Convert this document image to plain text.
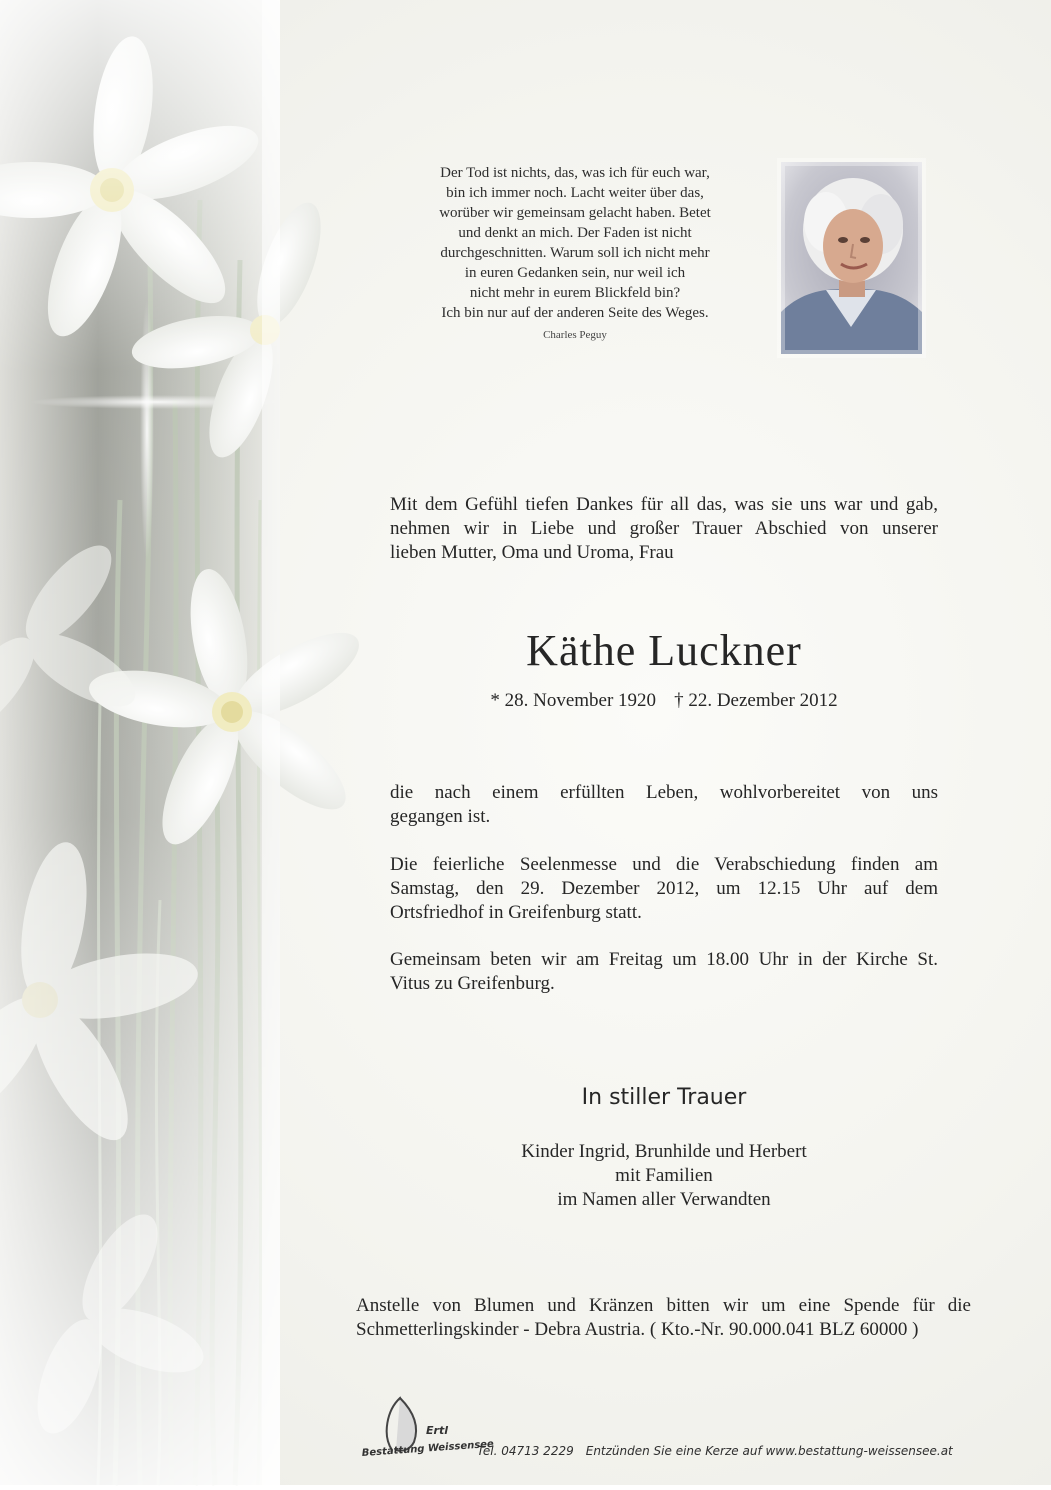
Der Tod ist nichts, das, was ich für euch war,
bin ich immer noch. Lacht weiter über das,
worüber wir gemeinsam gelacht haben. Betet
und denkt an mich. Der Faden ist nicht
durchgeschnitten. Warum soll ich nicht mehr
in euren Gedanken sein, nur weil ich
nicht mehr in eurem Blickfeld bin?
Ich bin nur auf der anderen Seite des Weges.

Charles Peguy

Mit dem Gefühl tiefen Dankes für all das, was sie uns war und gab,
nehmen wir in Liebe und großer Trauer Abschied von unserer
lieben Mutter, Oma und Uroma, Frau

Käthe Luckner
* 28. November 1920 † 22. Dezember 2012

die nach einem erfüllten Leben, wohlvorbereitet von uns
gegangen ist.

Die feierliche Seelenmesse und die Verabschiedung finden am
Samstag, den 29. Dezember 2012, um 12.15 Uhr auf dem
Ortsfriedhof in Greifenburg statt.

Gemeinsam beten wir am Freitag um 18.00 Uhr in der Kirche St.
Vitus zu Greifenburg.

In stiller Trauer
Kinder Ingrid, Brunhilde und Herbert
mit Familien
im Namen aller Verwandten
Anstelle von Blumen und Kränzen bitten wir um eine Spende für die
Schmetterlingskinder - Debra Austria. ( Kto.-Nr. 90.000.041 BLZ 60000 )
Ertl
Bestattung Weissensee
Tel. 04713 2229 Entzünden Sie eine Kerze auf www.bestattung-weissensee.at
